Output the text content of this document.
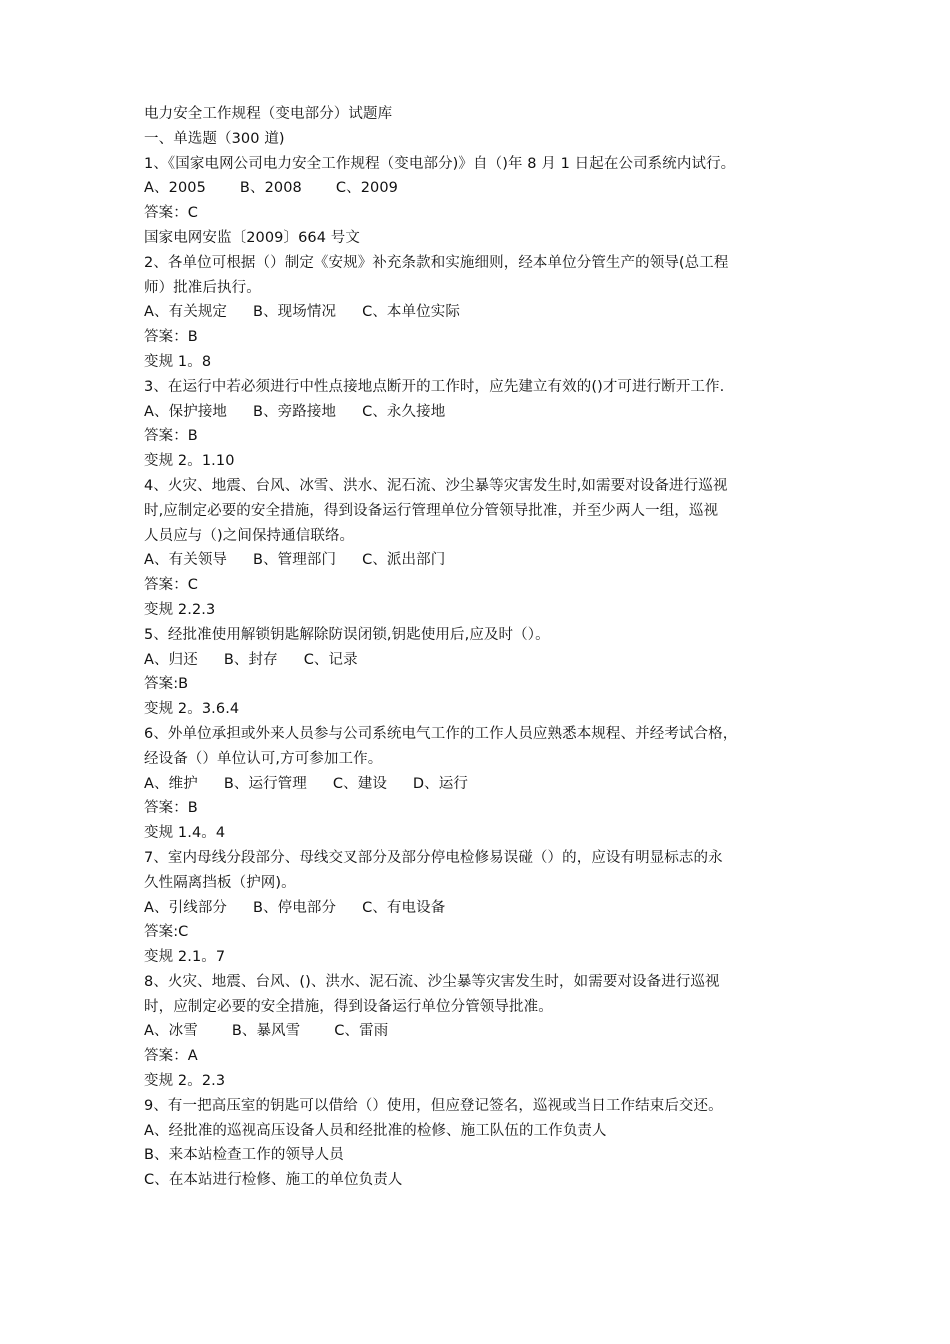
电力安全工作规程（变电部分）试题库
一、单选题（300 道)
1、《国家电网公司电力安全工作规程（变电部分)》自（)年 8 月 1 日起在公司系统内试行。
A、2005 B、2008 C、2009
答案：C
国家电网安监〔2009〕664 号文
2、各单位可根据（）制定《安规》补充条款和实施细则，经本单位分管生产的领导(总工程
师）批准后执行。
A、有关规定 B、现场情况 C、本单位实际
答案：B
变规 1。8
3、在运行中若必须进行中性点接地点断开的工作时，应先建立有效的()才可进行断开工作.
A、保护接地 B、旁路接地 C、永久接地
答案：B
变规 2。1.10
4、火灾、地震、台风、冰雪、洪水、泥石流、沙尘暴等灾害发生时,如需要对设备进行巡视
时,应制定必要的安全措施，得到设备运行管理单位分管领导批准，并至少两人一组，巡视
人员应与（)之间保持通信联络。
A、有关领导 B、管理部门 C、派出部门
答案：C
变规 2.2.3
5、经批准使用解锁钥匙解除防误闭锁,钥匙使用后,应及时（）。
A、归还 B、封存 C、记录
答案:B
变规 2。3.6.4
6、外单位承担或外来人员参与公司系统电气工作的工作人员应熟悉本规程、并经考试合格，
经设备（）单位认可,方可参加工作。
A、维护 B、运行管理 C、建设 D、运行
答案：B
变规 1.4。4
7、室内母线分段部分、母线交叉部分及部分停电检修易误碰（）的，应设有明显标志的永
久性隔离挡板（护网)。
A、引线部分 B、停电部分 C、有电设备
答案:C
变规 2.1。7
8、火灾、地震、台风、()、洪水、泥石流、沙尘暴等灾害发生时，如需要对设备进行巡视
时，应制定必要的安全措施，得到设备运行单位分管领导批准。
A、冰雪 B、暴风雪 C、雷雨
答案：A
变规 2。2.3
9、有一把高压室的钥匙可以借给（）使用，但应登记签名，巡视或当日工作结束后交还。
A、经批准的巡视高压设备人员和经批准的检修、施工队伍的工作负责人
B、来本站检查工作的领导人员
C、在本站进行检修、施工的单位负责人
